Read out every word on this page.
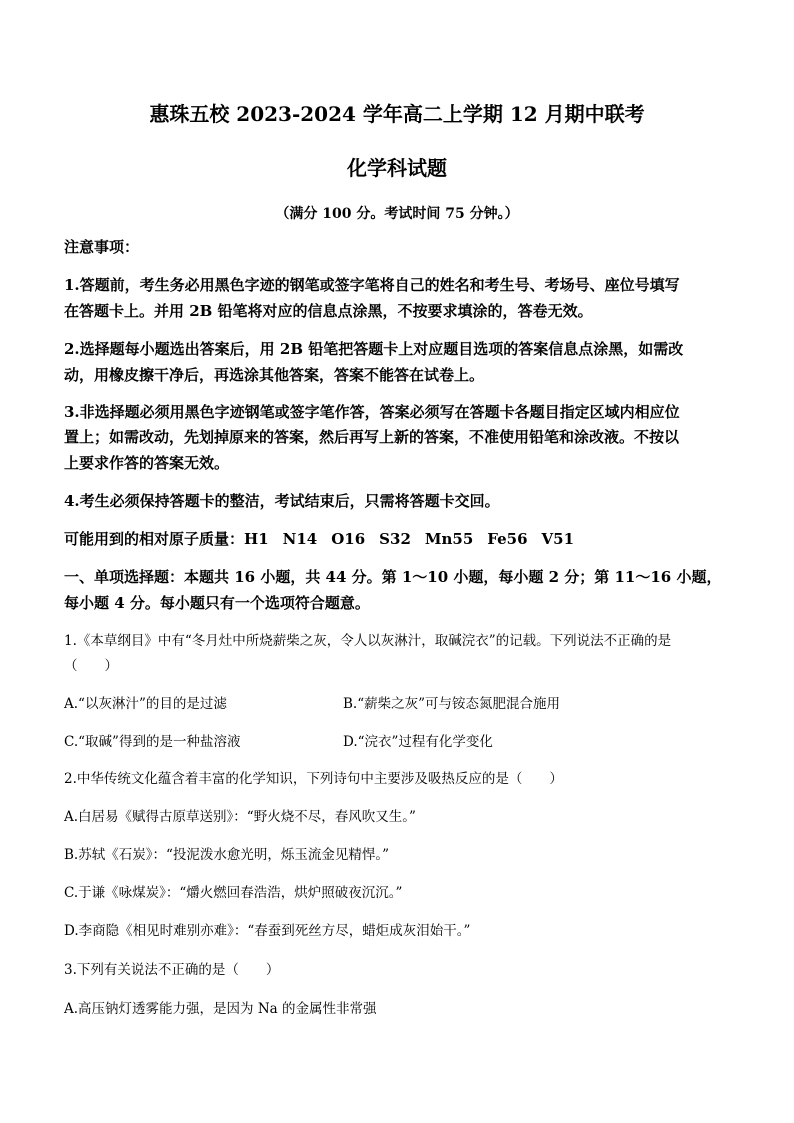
惠珠五校 2023-2024 学年高二上学期 12 月期中联考
化学科试题
（满分 100 分。考试时间 75 分钟。）
注意事项：
1.答题前，考生务必用黑色字迹的钢笔或签字笔将自己的姓名和考生号、考场号、座位号填写
在答题卡上。并用 2B 铅笔将对应的信息点涂黑，不按要求填涂的，答卷无效。
2.选择题每小题选出答案后，用 2B 铅笔把答题卡上对应题目选项的答案信息点涂黑，如需改
动，用橡皮擦干净后，再选涂其他答案，答案不能答在试卷上。
3.非选择题必须用黑色字迹钢笔或签字笔作答，答案必须写在答题卡各题目指定区域内相应位
置上；如需改动，先划掉原来的答案，然后再写上新的答案，不准使用铅笔和涂改液。不按以
上要求作答的答案无效。
4.考生必须保持答题卡的整洁，考试结束后，只需将答题卡交回。
可能用到的相对原子质量：H1 N14 O16 S32 Mn55 Fe56 V51
一、单项选择题：本题共 16 小题，共 44 分。第 1～10 小题，每小题 2 分；第 11～16 小题，
每小题 4 分。每小题只有一个选项符合题意。
1.《本草纲目》中有“冬月灶中所烧薪柴之灰，令人以灰淋汁，取碱浣衣”的记载。下列说法不正确的是
（　　）
A.“以灰淋汁”的目的是过滤	B.“薪柴之灰”可与铵态氮肥混合施用
C.“取碱”得到的是一种盐溶液	D.“浣衣”过程有化学变化
2.中华传统文化蕴含着丰富的化学知识，下列诗句中主要涉及吸热反应的是（　　）
A.白居易《赋得古原草送别》：“野火烧不尽，春风吹又生。”
B.苏轼《石炭》：“投泥泼水愈光明，烁玉流金见精悍。”
C.于谦《咏煤炭》：“爝火燃回春浩浩，烘炉照破夜沉沉。”
D.李商隐《相见时难别亦难》：“春蚕到死丝方尽，蜡炬成灰泪始干。”
3.下列有关说法不正确的是（　　）
A.高压钠灯透雾能力强，是因为 Na 的金属性非常强
